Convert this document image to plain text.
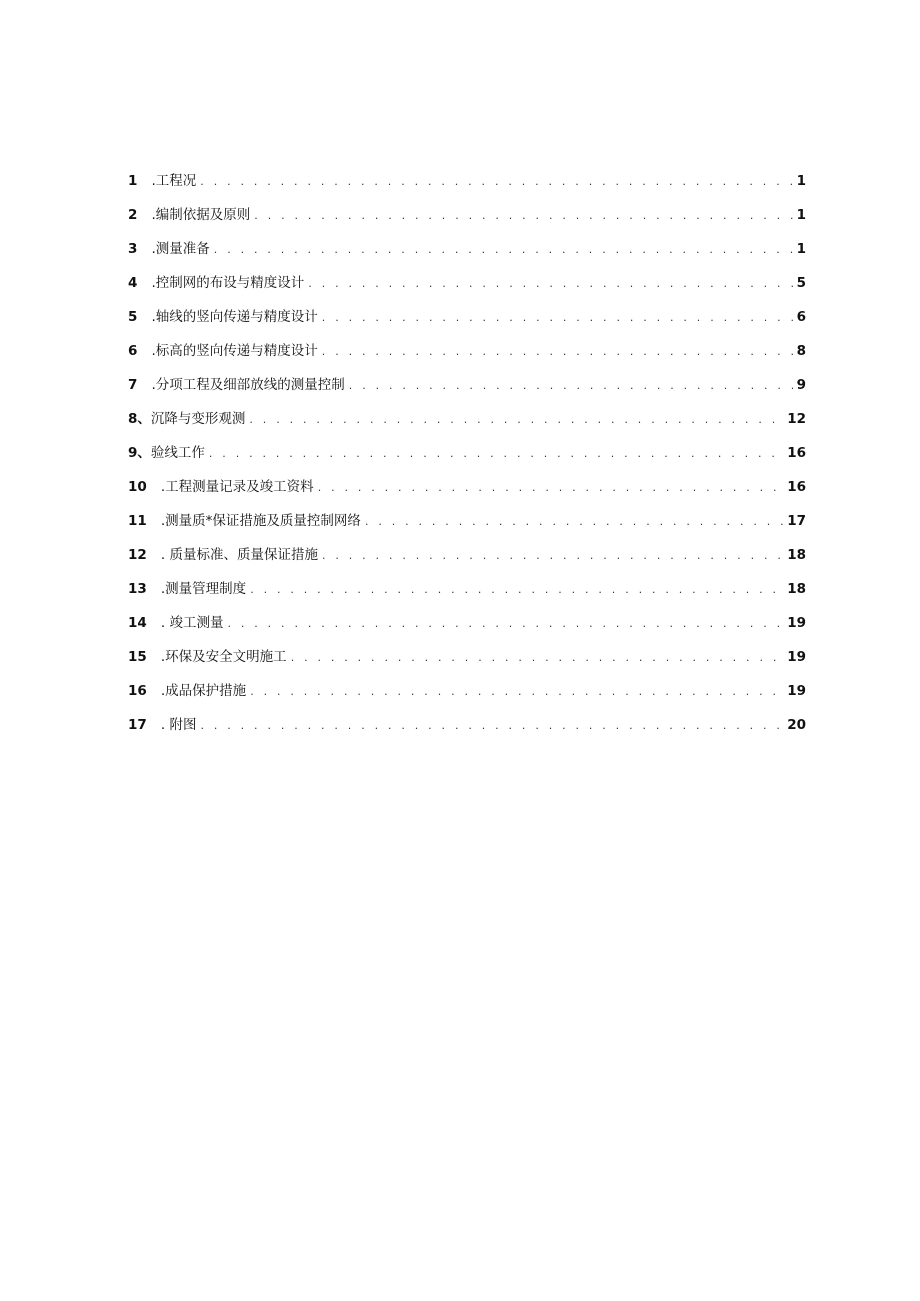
1 .工程况 . . .	1
2 .编制依据及原则 . . .	1
3 .测量准备 . . .	1
4 .控制网的布设与精度设计 . . .	5
5 .轴线的竖向传递与精度设计 . . .	6
6 .标高的竖向传递与精度设计 . . .	8
7 .分项工程及细部放线的测量控制 . . .	9
8、 沉降与变形观测 . . .	12
9、 验线工作 . . .	16
10 .工程测量记录及竣工资料 . . .	16
11 .测量质*保证措施及质量控制网络 . . .	17
12 . 质量标准、质量保证措施 . . .	18
13 .测量管理制度 . . .	18
14 . 竣工测量 . . .	19
15 .环保及安全文明施工 . . .	19
16 .成品保护措施 . . .	19
17 . 附图 . . .	20
